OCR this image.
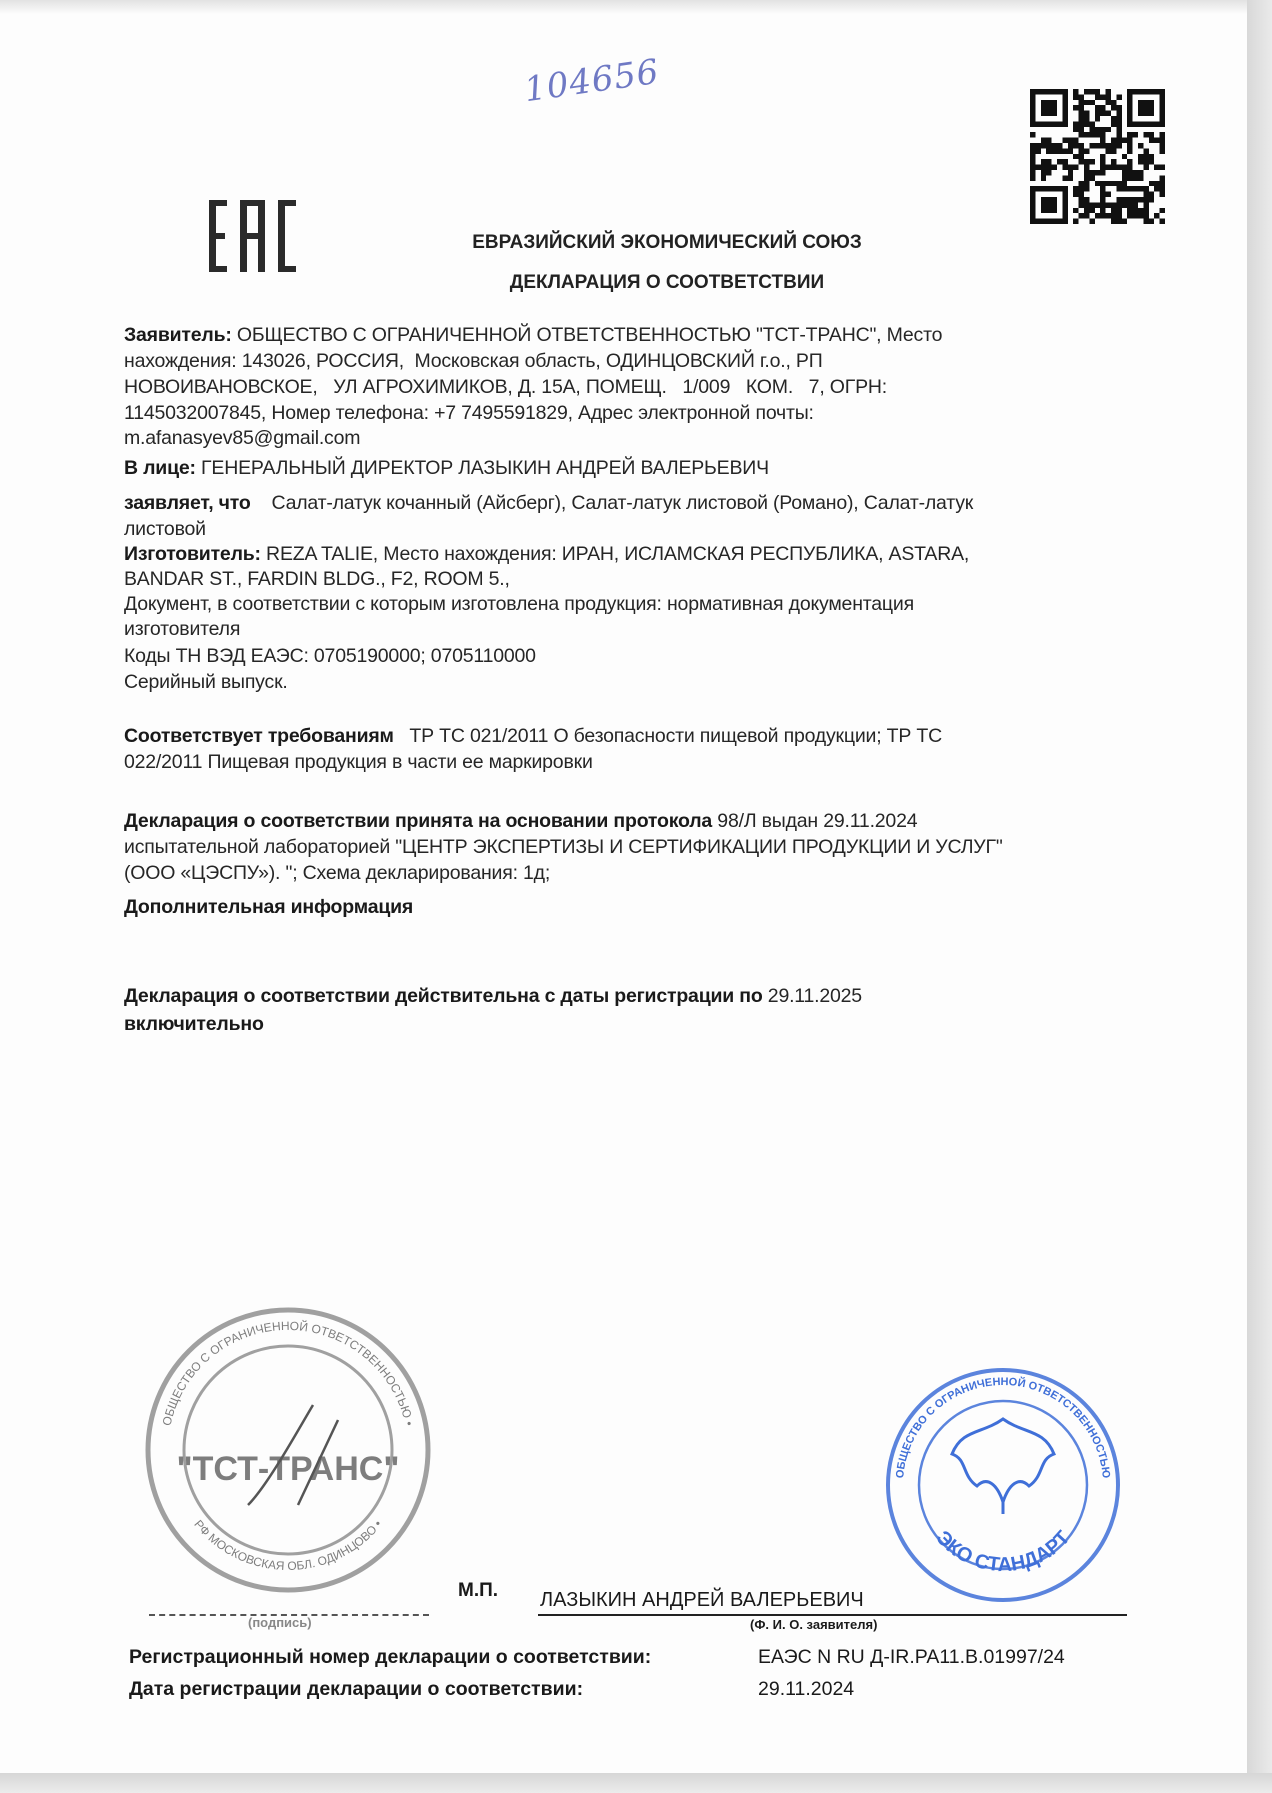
104656
ЕВРАЗИЙСКИЙ ЭКОНОМИЧЕСКИЙ СОЮЗ
ДЕКЛАРАЦИЯ О СООТВЕТСТВИИ
Заявитель: ОБЩЕСТВО С ОГРАНИЧЕННОЙ ОТВЕТСТВЕННОСТЬЮ "ТСТ-ТРАНС", Место
нахождения: 143026, РОССИЯ,  Московская область, ОДИНЦОВСКИЙ г.о., РП
НОВОИВАНОВСКОЕ,   УЛ АГРОХИМИКОВ, Д. 15А, ПОМЕЩ.   1/009   КОМ.   7, ОГРН:
1145032007845, Номер телефона: +7 7495591829, Адрес электронной почты:
m.afanasyev85@gmail.com
В лице: ГЕНЕРАЛЬНЫЙ ДИРЕКТОР ЛАЗЫКИН АНДРЕЙ ВАЛЕРЬЕВИЧ
заявляет, что    Салат-латук кочанный (Айсберг), Салат-латук листовой (Романо), Салат-латук
листовой
Изготовитель: REZA TALIE, Место нахождения: ИРАН, ИСЛАМСКАЯ РЕСПУБЛИКА, ASTARA,
BANDAR ST., FARDIN BLDG., F2, ROOM 5.,
Документ, в соответствии с которым изготовлена продукция: нормативная документация
изготовителя
Коды ТН ВЭД ЕАЭС: 0705190000; 0705110000
Серийный выпуск.
Соответствует требованиям   ТР ТС 021/2011 О безопасности пищевой продукции; ТР ТС
022/2011 Пищевая продукция в части ее маркировки
Декларация о соответствии принята на основании протокола 98/Л выдан 29.11.2024
испытательной лабораторией "ЦЕНТР ЭКСПЕРТИЗЫ И СЕРТИФИКАЦИИ ПРОДУКЦИИ И УСЛУГ"
(ООО «ЦЭСПУ»). "; Схема декларирования: 1д;
Дополнительная информация
Декларация о соответствии действительна с даты регистрации по 29.11.2025
включительно
ОБЩЕСТВО С ОГРАНИЧЕННОЙ ОТВЕТСТВЕННОСТЬЮ •
РФ МОСКОВСКАЯ ОБЛ. ОДИНЦОВО •
"ТСТ-ТРАНС"
(подпись)
М.П. ЛАЗЫКИН АНДРЕЙ ВАЛЕРЬЕВИЧ
(Ф. И. О. заявителя)
ОБЩЕСТВО С ОГРАНИЧЕННОЙ ОТВЕТСТВЕННОСТЬЮ
ЭКО СТАНДАРТ
Регистрационный номер декларации о соответствии:	ЕАЭС N RU Д-IR.PA11.B.01997/24
Дата регистрации декларации о соответствии:	29.11.2024
